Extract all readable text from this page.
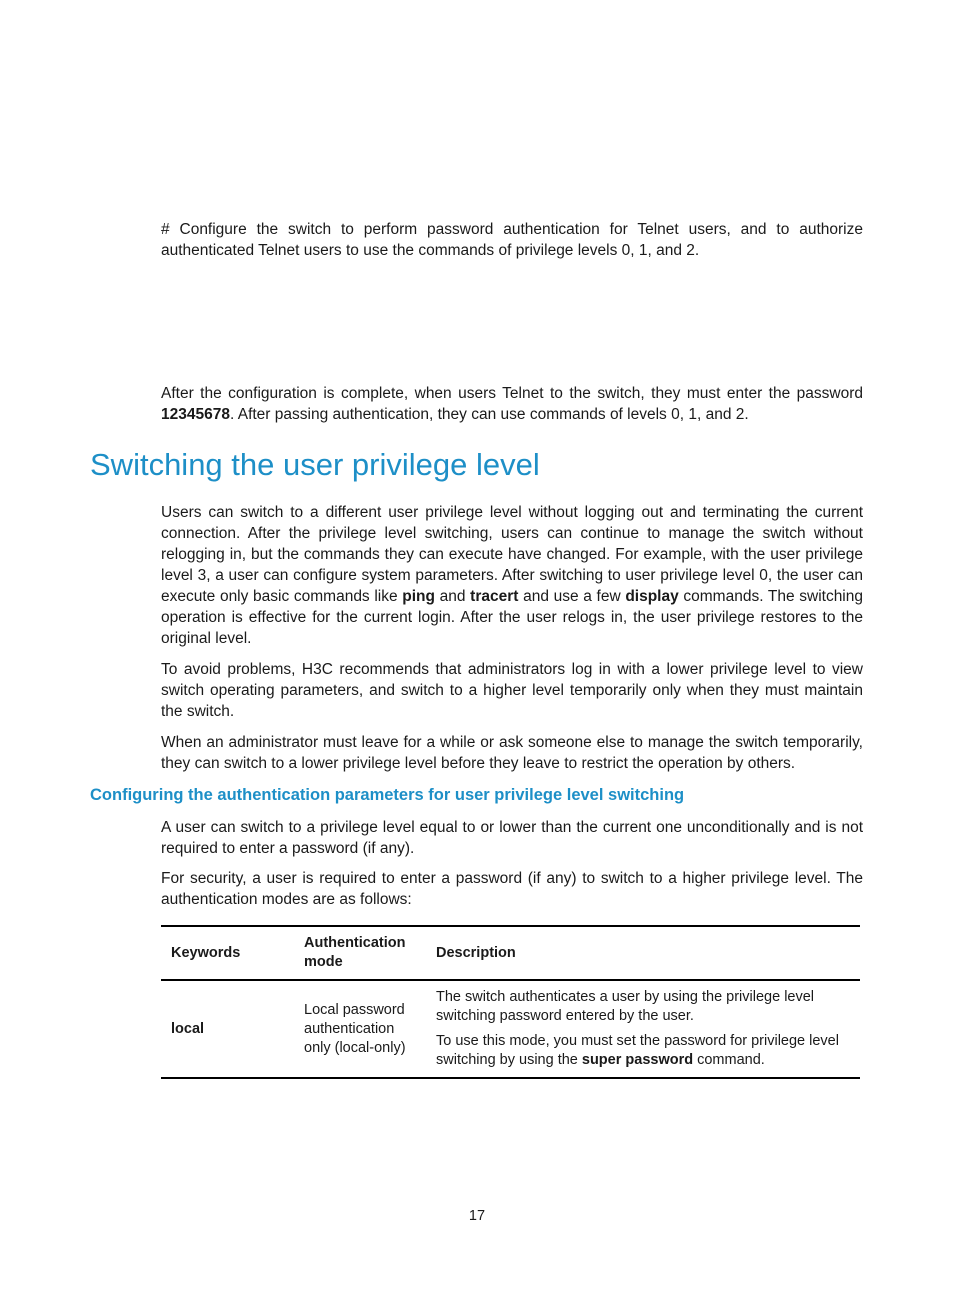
# Configure the switch to perform password authentication for Telnet users, and to authorize authenticated Telnet users to use the commands of privilege levels 0, 1, and 2.

After the configuration is complete, when users Telnet to the switch, they must enter the password 12345678. After passing authentication, they can use commands of levels 0, 1, and 2.

Switching the user privilege level

Users can switch to a different user privilege level without logging out and terminating the current connection. After the privilege level switching, users can continue to manage the switch without relogging in, but the commands they can execute have changed. For example, with the user privilege level 3, a user can configure system parameters. After switching to user privilege level 0, the user can execute only basic commands like ping and tracert and use a few display commands. The switching operation is effective for the current login. After the user relogs in, the user privilege restores to the original level.

To avoid problems, H3C recommends that administrators log in with a lower privilege level to view switch operating parameters, and switch to a higher level temporarily only when they must maintain the switch.

When an administrator must leave for a while or ask someone else to manage the switch temporarily, they can switch to a lower privilege level before they leave to restrict the operation by others.

Configuring the authentication parameters for user privilege level switching

A user can switch to a privilege level equal to or lower than the current one unconditionally and is not required to enter a password (if any).

For security, a user is required to enter a password (if any) to switch to a higher privilege level. The authentication modes are as follows:

Keywords	Authentication mode	Description
local	Local password authentication only (local-only)	The switch authenticates a user by using the privilege level switching password entered by the user.

To use this mode, you must set the password for privilege level switching by using the super password command.

17
